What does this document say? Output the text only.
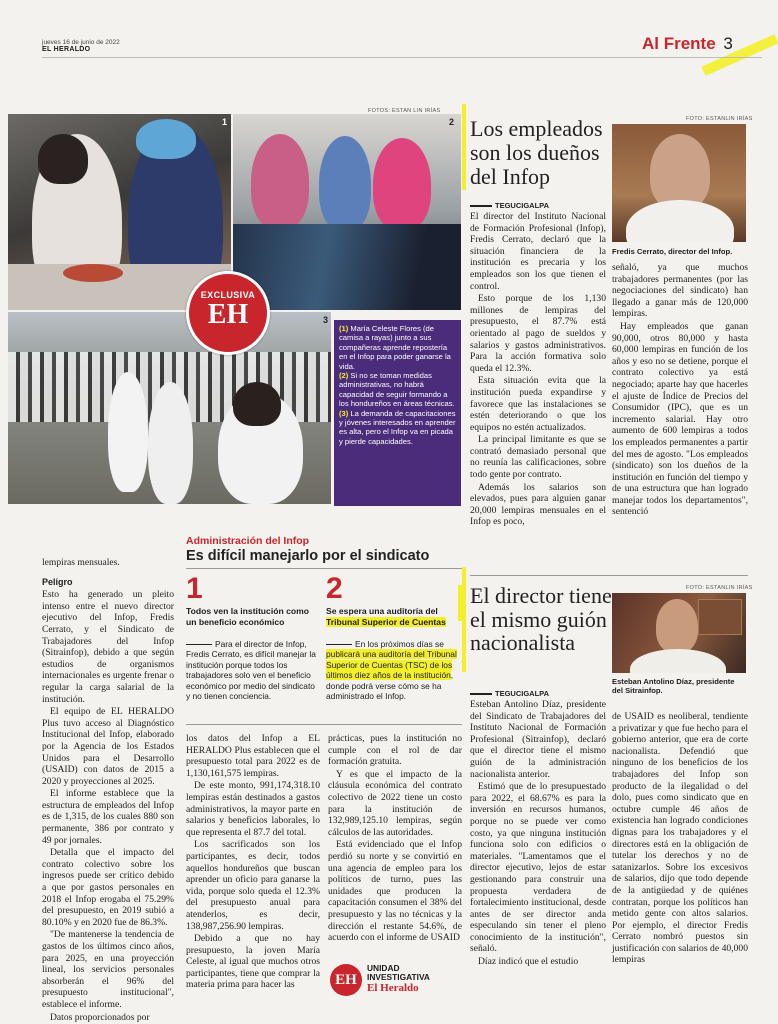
jueves 16 de junio de 2022
EL HERALDO	Al Frente 3
FOTOS: ESTAN LIN IRÍAS
1	2
3
EXCLUSIVA
EH	(1) María Celeste Flores (de camisa a rayas) junto a sus compañeras aprende repostería en el Infop para poder ganarse la vida.
(2) Si no se toman medidas administrativas, no habrá capacidad de seguir formando a los hondureños en áreas técnicas.
(3) La demanda de capacitaciones y jóvenes interesados en aprender es alta, pero el Infop va en picada y pierde capacidades.
Los empleados son los dueños del Infop
TEGUCIGALPA

El director del Instituto Nacional de Formación Profesional (Infop), Fredis Cerrato, declaró que la situación financiera de la institución es precaria y los empleados son los que tienen el control.

Esto porque de los 1,130 millones de lempiras del presupuesto, el 87.7% está orientado al pago de sueldos y salarios y gastos administrativos. Para la acción formativa solo queda el 12.3%.

Esta situación evita que la institución pueda expandirse y favorece que las instalaciones se estén deteriorando o que los equipos no estén actualizados.

La principal limitante es que se contrató demasiado personal que no reunía las calificaciones, sobre todo gente por contrato.

Además los salarios son elevados, pues para alguien ganar 20,000 lempiras mensuales en el Infop es poco,

FOTO: ESTANLIN IRÍAS
Fredis Cerrato, director del Infop.

señaló, ya que muchos trabajadores permanentes (por las negociaciones del sindicato) han llegado a ganar más de 120,000 lempiras.

Hay empleados que ganan 90,000, otros 80,000 y hasta 60,000 lempiras en función de los años y eso no se detiene, porque el contrato colectivo ya está negociado; aparte hay que hacerles el ajuste de Índice de Precios del Consumidor (IPC), que es un incremento salarial. Hay otro aumento de 600 lempiras a todos los empleados permanentes a partir del mes de agosto. "Los empleados (sindicato) son los dueños de la institución en función del tiempo y de una estructura que han logrado manejar todos los departamentos", sentenció

lempiras mensuales.

Peligro

Esto ha generado un pleito intenso entre el nuevo director ejecutivo del Infop, Fredis Cerrato, y el Sindicato de Trabajadores del Infop (Sitrainfop), debido a que según estudios de organismos internacionales es urgente frenar o regular la carga salarial de la institución.

El equipo de EL HERALDO Plus tuvo acceso al Diagnóstico Institucional del Infop, elaborado por la Agencia de los Estados Unidos para el Desarrollo (USAID) con datos de 2015 a 2020 y proyecciones al 2025.

El informe establece que la estructura de empleados del Infop es de 1,315, de los cuales 880 son permanente, 386 por contrato y 49 por jornales.

Detalla que el impacto del contrato colectivo sobre los ingresos puede ser crítico debido a que por gastos personales en 2018 el Infop erogaba el 75.29% del presupuesto, en 2019 subió a 80.10% y en 2020 fue de 86.3%.

"De mantenerse la tendencia de gastos de los últimos cinco años, para 2025, en una proyección lineal, los servicios personales absorberán el 96% del presupuesto institucional", establece el informe.

Datos proporcionados por

Administración del Infop
Es difícil manejarlo por el sindicato
1
Todos ven la institución como un beneficio económico
Para el director de Infop, Fredis Cerrato, es difícil manejar la institución porque todos los trabajadores solo ven el beneficio económico por medio del sindicato y no tienen conciencia.
2
Se espera una auditoría del Tribunal Superior de Cuentas
En los próximos días se publicará una auditoría del Tribunal Superior de Cuentas (TSC) de los últimos diez años de la institución, donde podrá verse cómo se ha administrado el Infop.

los datos del Infop a EL HERALDO Plus establecen que el presupuesto total para 2022 es de 1,130,161,575 lempiras.

De este monto, 991,174,318.10 lempiras están destinados a gastos administrativos, la mayor parte en salarios y beneficios laborales, lo que representa el 87.7 del total.

Los sacrificados son los participantes, es decir, todos aquellos hondureños que buscan aprender un oficio para ganarse la vida, porque solo queda el 12.3% del presupuesto anual para atenderlos, es decir, 138,987,256.90 lempiras.

Debido a que no hay presupuesto, la joven María Celeste, al igual que muchos otros participantes, tiene que comprar la materia prima para hacer las

prácticas, pues la institución no cumple con el rol de dar formación gratuita.

Y es que el impacto de la cláusula económica del contrato colectivo de 2022 tiene un costo para la institución de 132,989,125.10 lempiras, según cálculos de las autoridades.

Está evidenciado que el Infop perdió su norte y se convirtió en una agencia de empleo para los políticos de turno, pues las unidades que producen la capacitación consumen el 38% del presupuesto y las no técnicas y la dirección el restante 54.6%, de acuerdo con el informe de USAID

EH
UNIDAD
INVESTIGATIVA
El Heraldo
El director tiene el mismo guión nacionalista
TEGUCIGALPA

Esteban Antolino Díaz, presidente del Sindicato de Trabajadores del Instituto Nacional de Formación Profesional (Sitrainfop), declaró que el director tiene el mismo guión de la administración nacionalista anterior.

Estimó que de lo presupuestado para 2022, el 68.67% es para la inversión en recursos humanos, porque no se puede ver como costo, ya que ninguna institución funciona solo con edificios o materiales. "Lamentamos que el director ejecutivo, lejos de estar gestionando para construir una propuesta verdadera de fortalecimiento institucional, desde antes de ser director anda especulando sin tener el pleno conocimiento de la institución", señaló.

Díaz indicó que el estudio

FOTO: ESTANLIN IRÍAS
Esteban Antolino Díaz, presidente del Sitrainfop.

de USAID es neoliberal, tendiente a privatizar y que fue hecho para el gobierno anterior, que era de corte nacionalista. Defendió que ninguno de los beneficios de los trabajadores del Infop son producto de la ilegalidad o del dolo, pues como sindicato que en octubre cumple 46 años de existencia han logrado condiciones dignas para los trabajadores y el directores está en la obligación de tutelar los derechos y no de satanizarlos. Sobre los excesivos de salarios, dijo que todo depende de la antigüedad y de quiénes contratan, porque los políticos han metido gente con altos salarios. Por ejemplo, el director Fredis Cerrato nombró puestos sin justificación con salarios de 40,000 lempiras
